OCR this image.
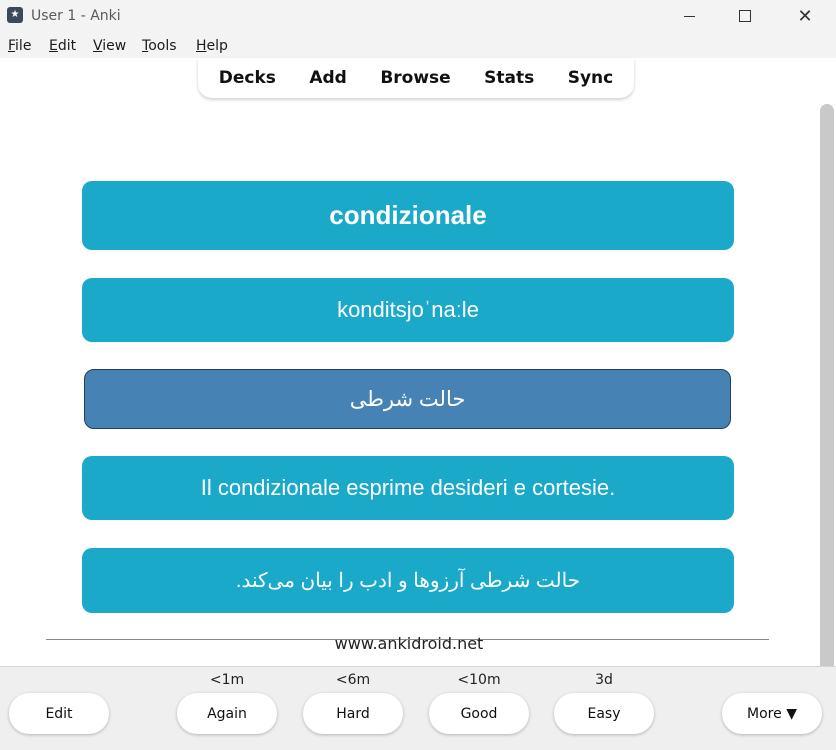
★ User 1 - Anki	✕
File Edit View Tools Help
condizionale
konditsjoˈnaːle
حالت شرطی
Il condizionale esprime desideri e cortesie.
حالت شرطی آرزوها و ادب را بیان می‌کند.
www.ankidroid.net
Decks Add Browse Stats Sync
<1m	<6m	<10m	3d
Edit	Again	Hard	Good	Easy	More ▼
